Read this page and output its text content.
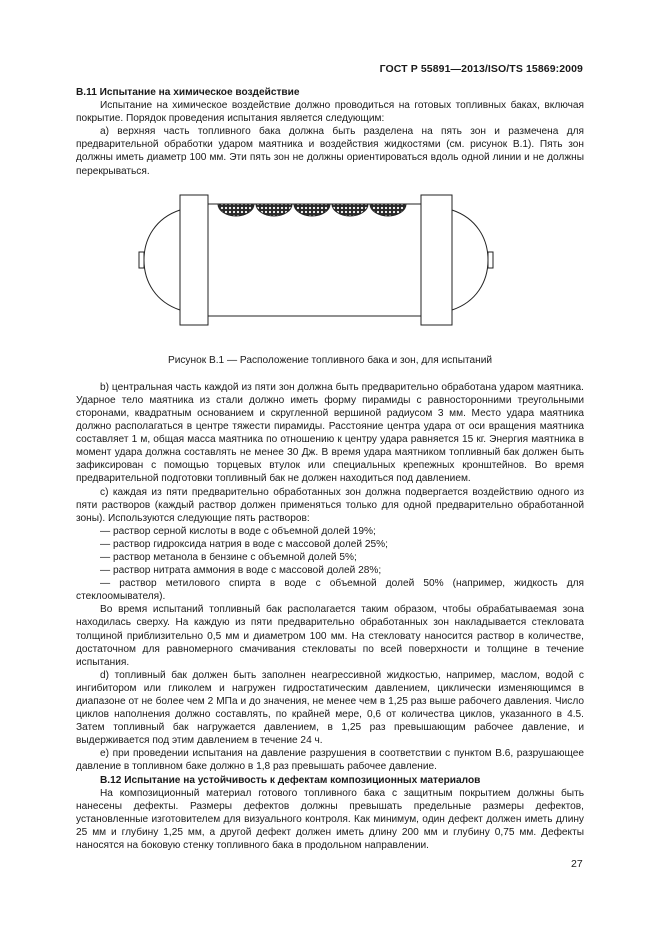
ГОСТ Р 55891—2013/ISO/TS 15869:2009

В.11 Испытание на химическое воздействие

Испытание на химическое воздействие должно проводиться на готовых топливных баках, включая покрытие. Порядок проведения испытания является следующим:

а) верхняя часть топливного бака должна быть разделена на пять зон и размечена для предварительной обработки ударом маятника и воздействия жидкостями (см. рисунок В.1). Пять зон должны иметь диаметр 100 мм. Эти пять зон не должны ориентироваться вдоль одной линии и не должны перекрываться.

Рисунок В.1 — Расположение топливного бака и зон, для испытаний

b) центральная часть каждой из пяти зон должна быть предварительно обработана ударом маятника. Ударное тело маятника из стали должно иметь форму пирамиды с равносторонними треугольными сторонами, квадратным основанием и скругленной вершиной радиусом 3 мм. Место удара маятника должно располагаться в центре тяжести пирамиды. Расстояние центра удара от оси вращения маятника составляет 1 м, общая масса маятника по отношению к центру удара равняется 15 кг. Энергия маятника в момент удара должна составлять не менее 30 Дж. В время удара маятником топливный бак должен быть зафиксирован с помощью торцевых втулок или специальных крепежных кронштейнов. Во время предварительной подготовки топливный бак не должен находиться под давлением.

с) каждая из пяти предварительно обработанных зон должна подвергается воздействию одного из пяти растворов (каждый раствор должен применяться только для одной предварительно обработанной зоны). Используются следующие пять растворов:

— раствор серной кислоты в воде с объемной долей 19%;

— раствор гидроксида натрия в воде с массовой долей 25%;

— раствор метанола в бензине с объемной долей 5%;

— раствор нитрата аммония в воде с массовой долей 28%;

— раствор метилового спирта в воде с объемной долей 50% (например, жидкость для стеклоомывателя).

Во время испытаний топливный бак располагается таким образом, чтобы обрабатываемая зона находилась сверху. На каждую из пяти предварительно обработанных зон накладывается стекловата толщиной приблизительно 0,5 мм и диаметром 100 мм. На стекловату наносится раствор в количестве, достаточном для равномерного смачивания стекловаты по всей поверхности и толщине в течение испытания.

d) топливный бак должен быть заполнен неагрессивной жидкостью, например, маслом, водой с ингибитором или гликолем и нагружен гидростатическим давлением, циклически изменяющимся в диапазоне от не более чем 2 МПа и до значения, не менее чем в 1,25 раз выше рабочего давления. Число циклов наполнения должно составлять, по крайней мере, 0,6 от количества циклов, указанного в 4.5. Затем топливный бак нагружается давлением, в 1,25 раз превышающим рабочее давление, и выдерживается под этим давлением в течение 24 ч.

е) при проведении испытания на давление разрушения в соответствии с пунктом В.6, разрушающее давление в топливном баке должно в 1,8 раз превышать рабочее давление.

В.12 Испытание на устойчивость к дефектам композиционных материалов

На композиционный материал готового топливного бака с защитным покрытием должны быть нанесены дефекты. Размеры дефектов должны превышать предельные размеры дефектов, установленные изготовителем для визуального контроля. Как минимум, один дефект должен иметь длину 25 мм и глубину 1,25 мм, а другой дефект должен иметь длину 200 мм и глубину 0,75 мм. Дефекты наносятся на боковую стенку топливного бака в продольном направлении.

27
